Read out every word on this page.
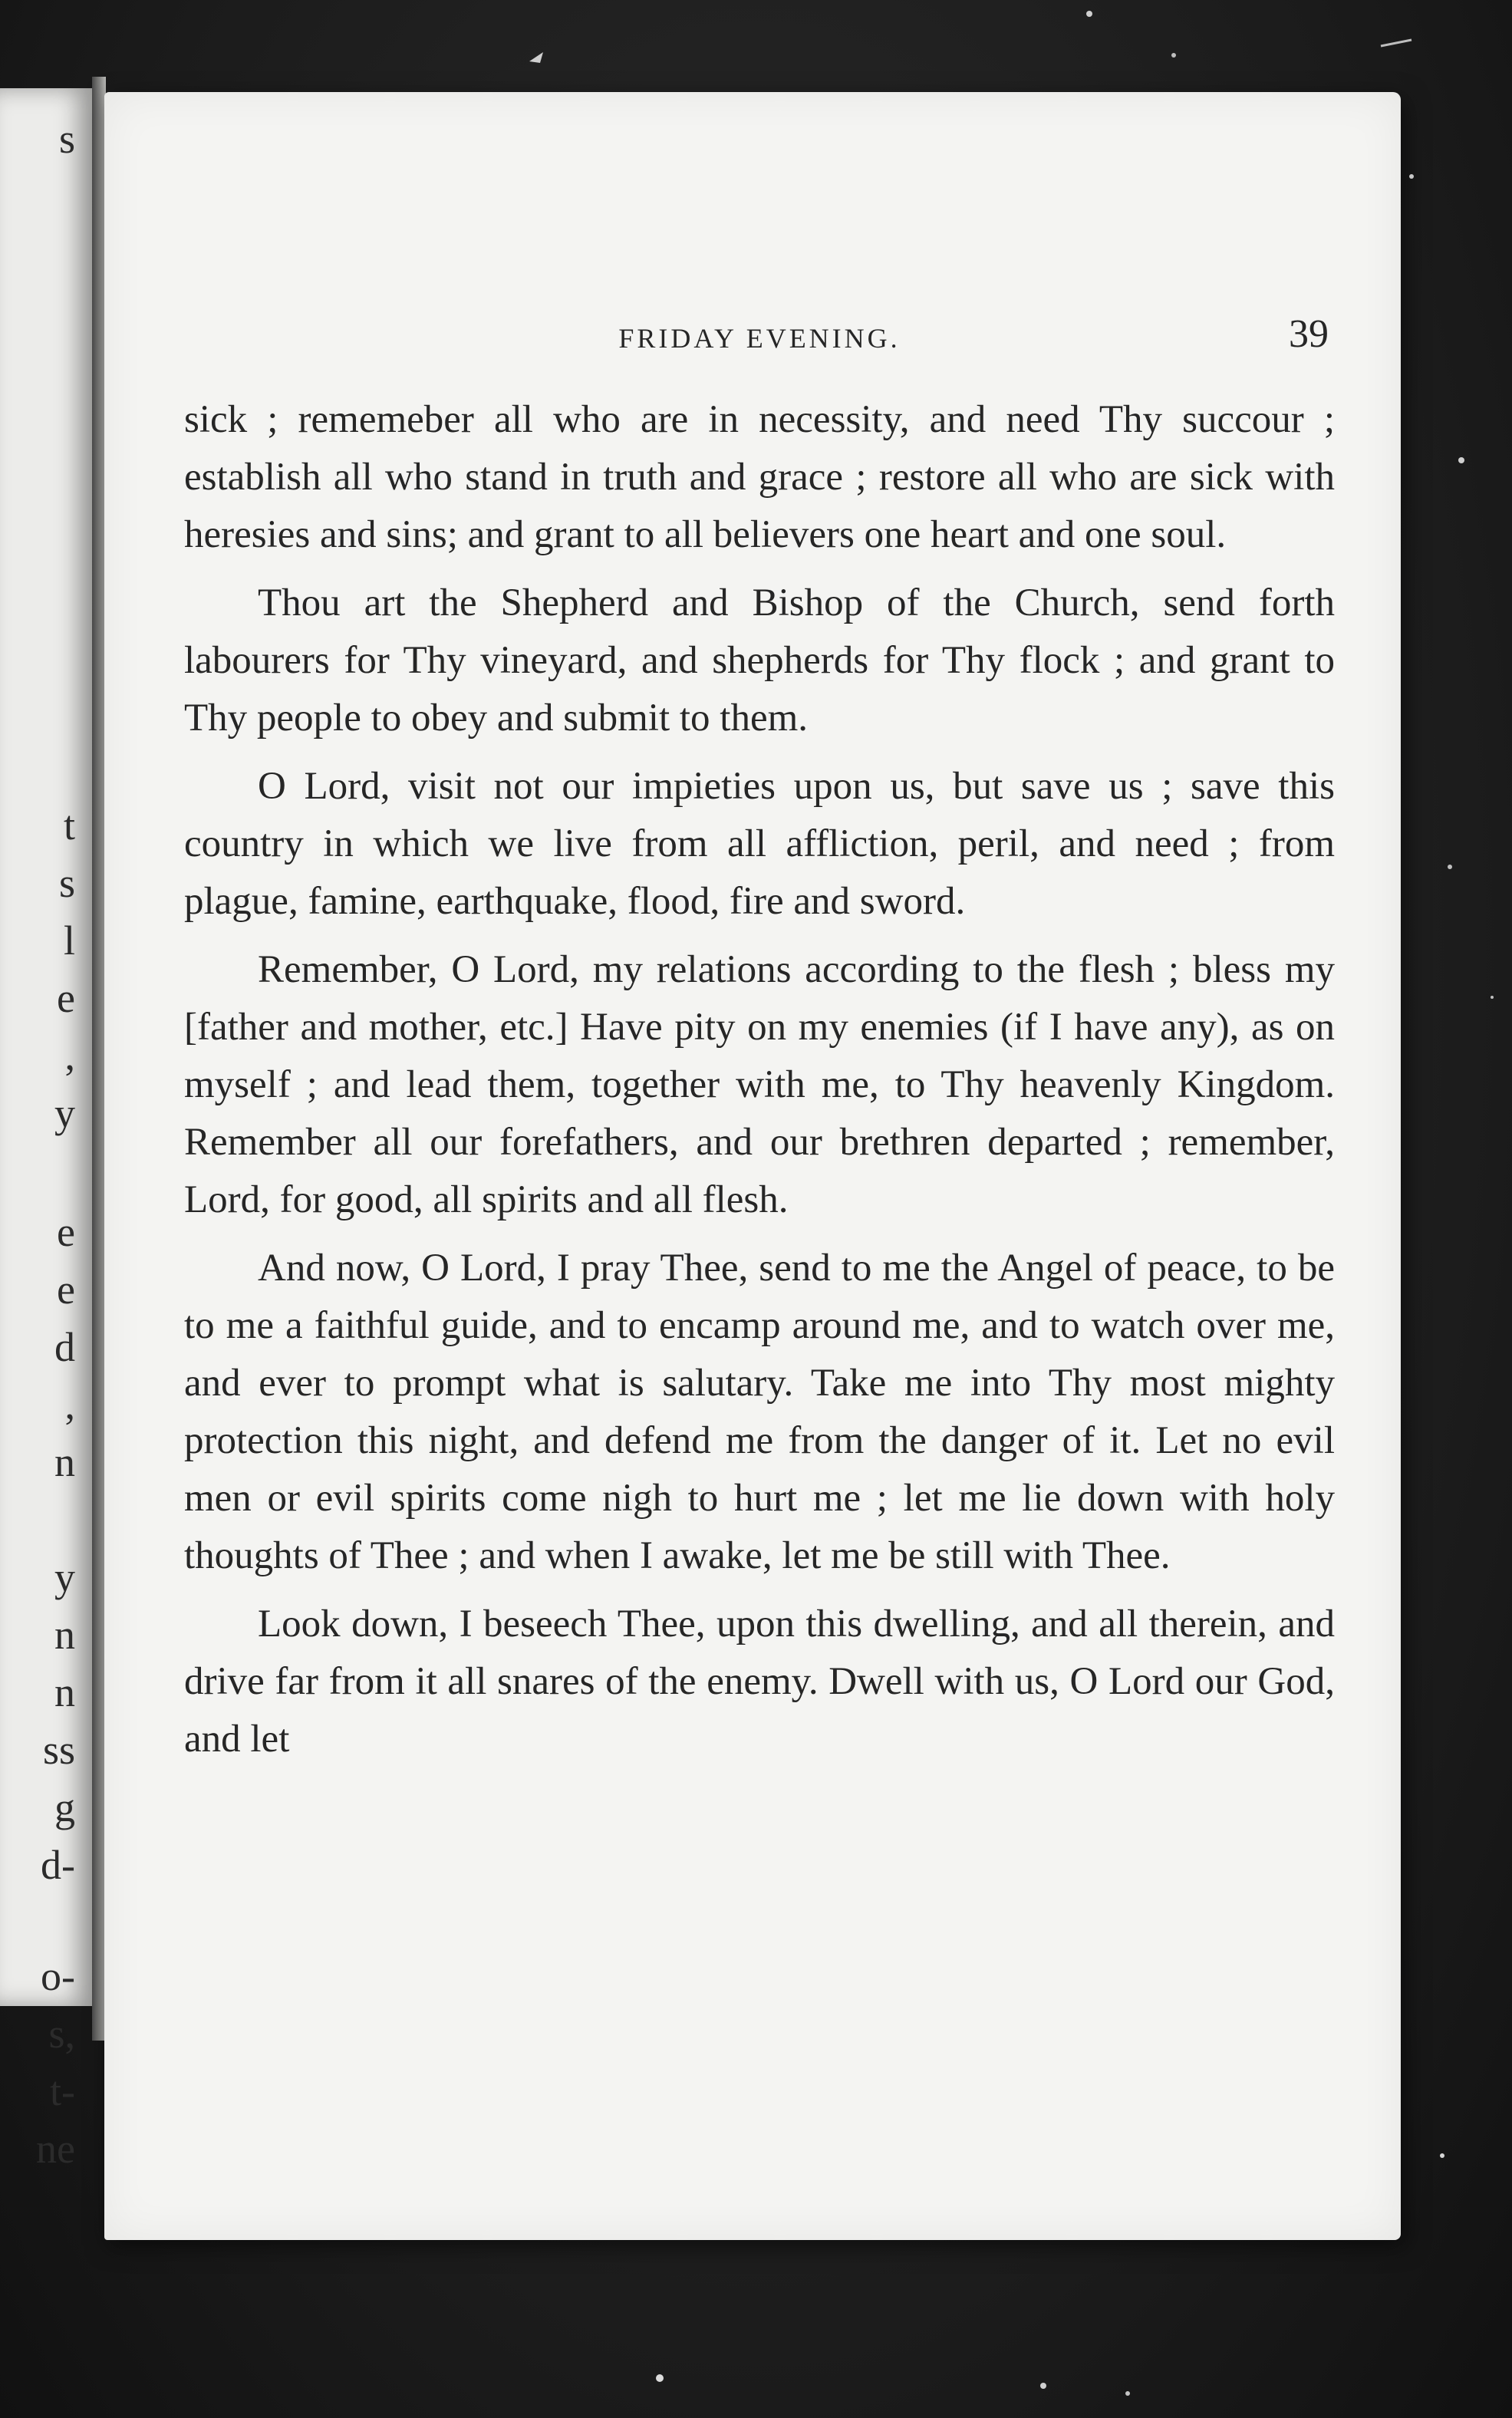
s
t
s
l
e
,
y
e
e
d
,
n
y
n
n
ss
g
d-
o-
s,
t-
ne
FRIDAY EVENING.	39

sick ; rememeber all who are in necessity, and need Thy succour ; establish all who stand in truth and grace ; restore all who are sick with heresies and sins; and grant to all believers one heart and one soul.

Thou art the Shepherd and Bishop of the Church, send forth labourers for Thy vineyard, and shepherds for Thy flock ; and grant to Thy people to obey and submit to them.

O Lord, visit not our impieties upon us, but save us ; save this country in which we live from all affliction, peril, and need ; from plague, famine, earthquake, flood, fire and sword.

Remember, O Lord, my relations according to the flesh ; bless my [father and mother, etc.] Have pity on my enemies (if I have any), as on myself ; and lead them, together with me, to Thy heavenly Kingdom. Remember all our forefathers, and our brethren departed ; remember, Lord, for good, all spirits and all flesh.

And now, O Lord, I pray Thee, send to me the Angel of peace, to be to me a faithful guide, and to encamp around me, and to watch over me, and ever to prompt what is salutary. Take me into Thy most mighty protection this night, and defend me from the danger of it. Let no evil men or evil spirits come nigh to hurt me ; let me lie down with holy thoughts of Thee ; and when I awake, let me be still with Thee.

Look down, I beseech Thee, upon this dwelling, and all therein, and drive far from it all snares of the enemy. Dwell with us, O Lord our God, and let
